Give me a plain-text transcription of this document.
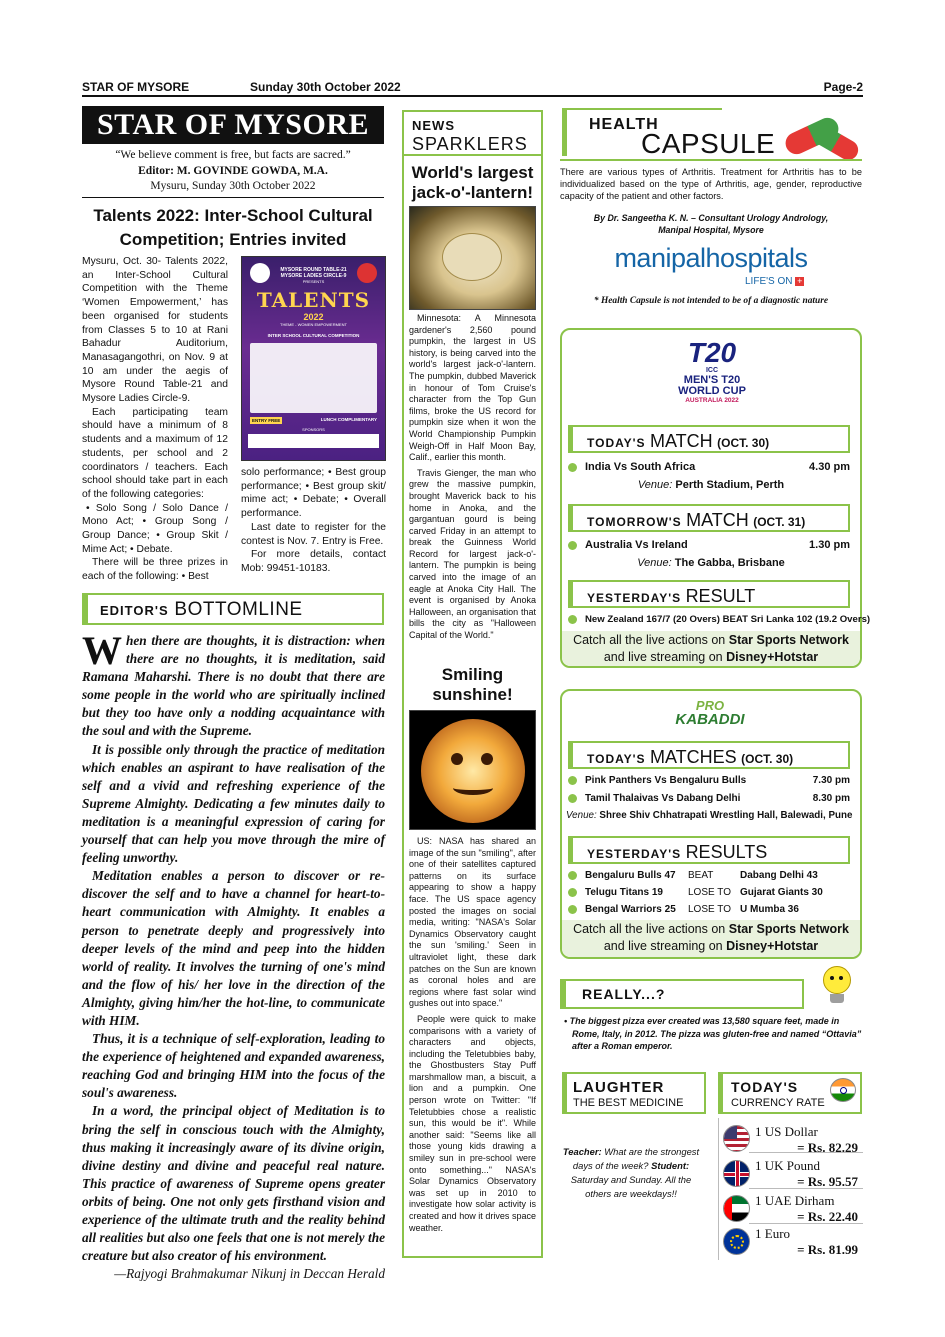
STAR OF MYSORE	Sunday 30th October 2022	Page-2
STAR OF MYSORE
“We believe comment is free, but facts are sacred.”
Editor: M. GOVINDE GOWDA, M.A.
Mysuru, Sunday 30th October 2022
Talents 2022: Inter-School Cultural Competition; Entries invited

Mysuru, Oct. 30- Talents 2022, an Inter-School Cultural Competition with the Theme ‘Women Empowerment,’ has been organised for students from Classes 5 to 10 at Rani Bahadur Auditorium, Manasagangothri, on Nov. 9 at 10 am under the aegis of Mysore Round Table-21 and Mysore Ladies Circle-9.

Each participating team should have a minimum of 8 students and a maximum of 12 students, per school and 2 coordinators / teachers. Each school should take part in each of the following categories:

• Solo Song / Solo Dance / Mono Act; • Group Song / Group Dance; • Group Skit / Mime Act; • Debate.

There will be three prizes in each of the following: • Best

MYSORE ROUND TABLE-21
MYSORE LADIES CIRCLE-9
PRESENTS
TALENTS
2022
THEME - WOMEN EMPOWERMENT
INTER SCHOOL CULTURAL COMPETITION
ENTRY FREE	LUNCH COMPLIMENTARY
SPONSORS

solo performance; • Best group performance; • Best group skit/ mime act; • Debate; • Overall performance.

Last date to register for the contest is Nov. 7. Entry is Free.

For more details, contact Mob: 99451-10183.

EDITOR'S BOTTOMLINE

When there are thoughts, it is distraction: when there are no thoughts, it is meditation, said Ramana Maharshi. There is no doubt that there are some people in the world who are spiritually inclined but they too have only a nodding acquaintance with the soul and with the Supreme.

It is possible only through the practice of meditation which enables an aspirant to have realisation of the self and a vivid and refreshing experience of the Supreme Almighty. Dedicating a few minutes daily to meditation is a meaningful expression of caring for yourself that can help you move through the mire of feeling unworthy.

Meditation enables a person to discover or re-discover the self and to have a channel for heart-to-heart communication with Almighty. It enables a person to penetrate deeply and progressively into deeper levels of the mind and peep into the hidden world of reality. It involves the turning of one's mind and the flow of his/ her love in the direction of the Almighty, giving him/her the hot-line, to communicate with HIM.

Thus, it is a technique of self-exploration, leading to the experience of heightened and expanded awareness, reaching God and bringing HIM into the focus of the soul's awareness.

In a word, the principal object of Meditation is to bring the self in conscious touch with the Almighty, thus making it increasingly aware of its divine origin, divine destiny and divine and peaceful real nature. This practice of awareness of Supreme opens greater orbits of being. One not only gets firsthand vision and experience of the ultimate truth and the reality behind all realities but also one feels that one is not merely the creature but also creator of his environment.

—Rajyogi Brahmakumar Nikunj in Deccan Herald

NEWS
SPARKLERS
World's largest jack-o'-lantern!

Minnesota: A Minnesota gardener's 2,560 pound pumpkin, the largest in US history, is being carved into the world's largest jack-o'-lantern. The pumpkin, dubbed Maverick in honour of Tom Cruise's character from the Top Gun films, broke the US record for pumpkin size when it won the World Championship Pumpkin Weigh-Off in Half Moon Bay, Calif., earlier this month.

Travis Gienger, the man who grew the massive pumpkin, brought Maverick back to his home in Anoka, and the gargantuan gourd is being carved Friday in an attempt to break the Guinness World Record for largest jack-o'-lantern. The pumpkin is being carved into the image of an eagle at Anoka City Hall. The event is organised by Anoka Halloween, an organisation that bills the city as "Halloween Capital of the World."

Smiling sunshine!

US: NASA has shared an image of the sun "smiling", after one of their satellites captured patterns on its surface appearing to show a happy face. The US space agency posted the images on social media, writing: "NASA's Solar Dynamics Observatory caught the sun 'smiling.' Seen in ultraviolet light, these dark patches on the Sun are known as coronal holes and are regions where fast solar wind gushes out into space."

People were quick to make comparisons with a variety of characters and objects, including the Teletubbies baby, the Ghostbusters Stay Puff marshmallow man, a biscuit, a lion and a pumpkin. One person wrote on Twitter: "If Teletubbies chose a realistic sun, this would be it". While another said: "Seems like all those young kids drawing a smiley sun in pre-school were onto something..." NASA's Solar Dynamics Observatory was set up in 2010 to investigate how solar activity is created and how it drives space weather.

HEALTH
CAPSULE
There are various types of Arthritis. Treatment for Arthritis has to be individualized based on the type of Arthritis, age, gender, reproductive capacity of the patient and other factors.
By Dr. Sangeetha K. N. – Consultant Urology Andrology,
Manipal Hospital, Mysore
manipalhospitals
LIFE'S ON +
* Health Capsule is not intended to be of a diagnostic nature
T20
ICC
MEN'S T20
WORLD CUP
AUSTRALIA 2022
TODAY'S MATCH (OCT. 30)
India Vs South Africa	4.30 pm
Venue: Perth Stadium, Perth
TOMORROW'S MATCH (OCT. 31)
Australia Vs Ireland	1.30 pm
Venue: The Gabba, Brisbane
YESTERDAY'S RESULT
New Zealand 167/7 (20 Overs) BEAT Sri Lanka 102 (19.2 Overs)
Catch all the live actions on Star Sports Network
and live streaming on Disney+Hotstar
PRO
KABADDI
TODAY'S MATCHES (OCT. 30)
Pink Panthers Vs Bengaluru Bulls	7.30 pm
Tamil Thalaivas Vs Dabang Delhi	8.30 pm
Venue: Shree Shiv Chhatrapati Wrestling Hall, Balewadi, Pune
YESTERDAY'S RESULTS
Bengaluru Bulls 47 BEAT	Dabang Delhi 43
Telugu Titans 19	LOSE TO Gujarat Giants 30
Bengal Warriors 25 LOSE TO U Mumba 36
Catch all the live actions on Star Sports Network
and live streaming on Disney+Hotstar
REALLY...?
• The biggest pizza ever created was 13,580 square feet, made in Rome, Italy, in 2012. The pizza was gluten-free and named “Ottavia” after a Roman emperor.
LAUGHTER
THE BEST MEDICINE
Teacher: What are the strongest days of the week? Student: Saturday and Sunday. All the others are weekdays!!
TODAY'S
CURRENCY RATE
1 US Dollar
= Rs. 82.29
1 UK Pound
= Rs. 95.57
1 UAE Dirham
= Rs. 22.40
1 Euro
= Rs. 81.99
